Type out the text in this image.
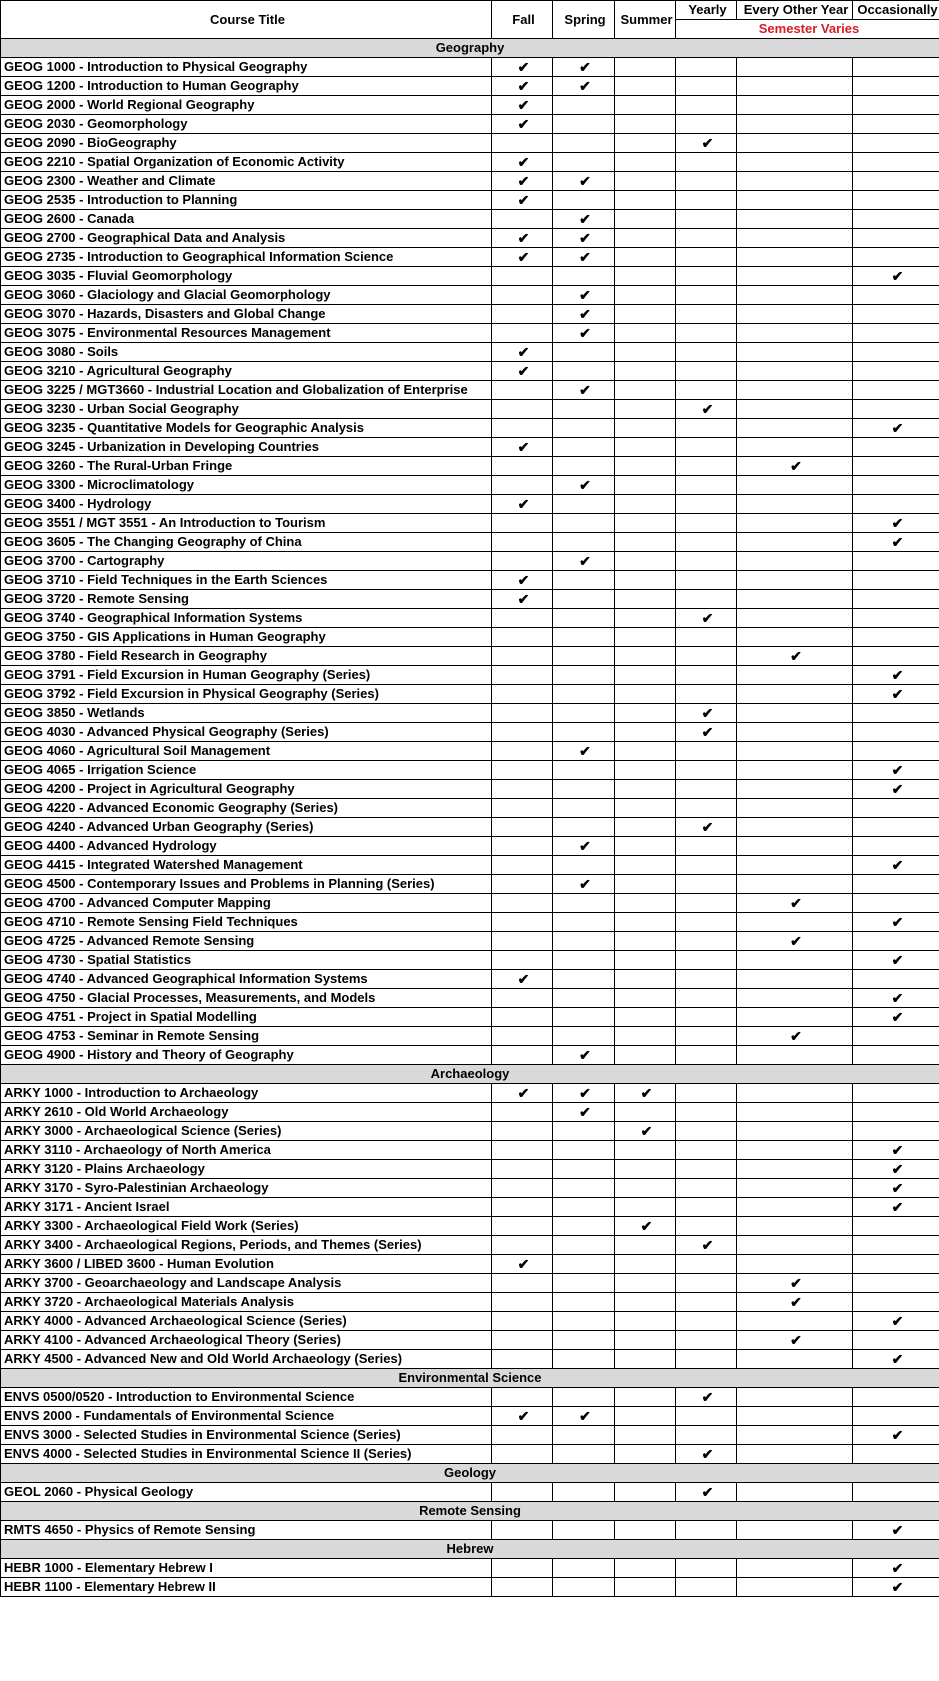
Course Title	Fall	Spring	Summer	Yearly	Every Other Year	Occasionally
				Semester Varies		
Geography						
GEOG 1000 - Introduction to Physical Geography	✔	✔				
GEOG 1200 - Introduction to Human Geography	✔	✔				
GEOG 2000 - World Regional Geography	✔					
GEOG 2030 - Geomorphology	✔					
GEOG 2090 - BioGeography				✔		
GEOG 2210 - Spatial Organization of Economic Activity	✔					
GEOG 2300 - Weather and Climate	✔	✔				
GEOG 2535 - Introduction to Planning	✔					
GEOG 2600 - Canada		✔				
GEOG 2700 - Geographical Data and Analysis	✔	✔				
GEOG 2735 - Introduction to Geographical Information Science	✔	✔				
GEOG 3035 - Fluvial Geomorphology						✔
GEOG 3060 - Glaciology and Glacial Geomorphology		✔				
GEOG 3070 - Hazards, Disasters and Global Change		✔				
GEOG 3075 - Environmental Resources Management		✔				
GEOG 3080 - Soils	✔					
GEOG 3210 - Agricultural Geography	✔					
GEOG 3225 / MGT3660 - Industrial Location and Globalization of Enterprise		✔				
GEOG 3230 - Urban Social Geography				✔		
GEOG 3235 - Quantitative Models for Geographic Analysis						✔
GEOG 3245 - Urbanization in Developing Countries	✔					
GEOG 3260 - The Rural-Urban Fringe					✔	
GEOG 3300 - Microclimatology		✔				
GEOG 3400 - Hydrology	✔					
GEOG 3551 / MGT 3551 - An Introduction to Tourism						✔
GEOG 3605 - The Changing Geography of China						✔
GEOG 3700 - Cartography		✔				
GEOG 3710 - Field Techniques in the Earth Sciences	✔					
GEOG 3720 - Remote Sensing	✔					
GEOG 3740 - Geographical Information Systems				✔		
GEOG 3750 - GIS Applications in Human Geography						
GEOG 3780 - Field Research in Geography					✔	
GEOG 3791 - Field Excursion in Human Geography (Series)						✔
GEOG 3792 - Field Excursion in Physical Geography (Series)						✔
GEOG 3850 - Wetlands				✔		
GEOG 4030 - Advanced Physical Geography (Series)				✔		
GEOG 4060 - Agricultural Soil Management		✔				
GEOG 4065 - Irrigation Science						✔
GEOG 4200 - Project in Agricultural Geography						✔
GEOG 4220 - Advanced Economic Geography (Series)						
GEOG 4240 - Advanced Urban Geography (Series)				✔		
GEOG 4400 - Advanced Hydrology		✔				
GEOG 4415 - Integrated Watershed Management						✔
GEOG 4500 - Contemporary Issues and Problems in Planning (Series)		✔				
GEOG 4700 - Advanced Computer Mapping					✔	
GEOG 4710 - Remote Sensing Field Techniques						✔
GEOG 4725 - Advanced Remote Sensing					✔	
GEOG 4730 - Spatial Statistics						✔
GEOG 4740 - Advanced Geographical Information Systems	✔					
GEOG 4750 - Glacial Processes, Measurements, and Models						✔
GEOG 4751 - Project in Spatial Modelling						✔
GEOG 4753 - Seminar in Remote Sensing					✔	
GEOG 4900 - History and Theory of Geography		✔				
Archaeology						
ARKY 1000 - Introduction to Archaeology	✔	✔	✔			
ARKY 2610 - Old World Archaeology		✔				
ARKY 3000 - Archaeological Science (Series)			✔			
ARKY 3110 - Archaeology of North America						✔
ARKY 3120 - Plains Archaeology						✔
ARKY 3170 - Syro-Palestinian Archaeology						✔
ARKY 3171 - Ancient Israel						✔
ARKY 3300 - Archaeological Field Work (Series)			✔			
ARKY 3400 - Archaeological Regions, Periods, and Themes (Series)				✔		
ARKY 3600 / LIBED 3600 - Human Evolution	✔					
ARKY 3700 - Geoarchaeology and Landscape Analysis					✔	
ARKY 3720 - Archaeological Materials Analysis					✔	
ARKY 4000 - Advanced Archaeological Science (Series)						✔
ARKY 4100 - Advanced Archaeological Theory (Series)					✔	
ARKY 4500 - Advanced New and Old World Archaeology (Series)						✔
Environmental Science						
ENVS 0500/0520 - Introduction to Environmental Science				✔		
ENVS 2000 - Fundamentals of Environmental Science	✔	✔				
ENVS 3000 - Selected Studies in Environmental Science (Series)						✔
ENVS 4000 - Selected Studies in Environmental Science II (Series)				✔		
Geology						
GEOL 2060 - Physical Geology				✔		
Remote Sensing						
RMTS 4650 - Physics of Remote Sensing						✔
Hebrew						
HEBR 1000 - Elementary Hebrew I						✔
HEBR 1100 - Elementary Hebrew II						✔
